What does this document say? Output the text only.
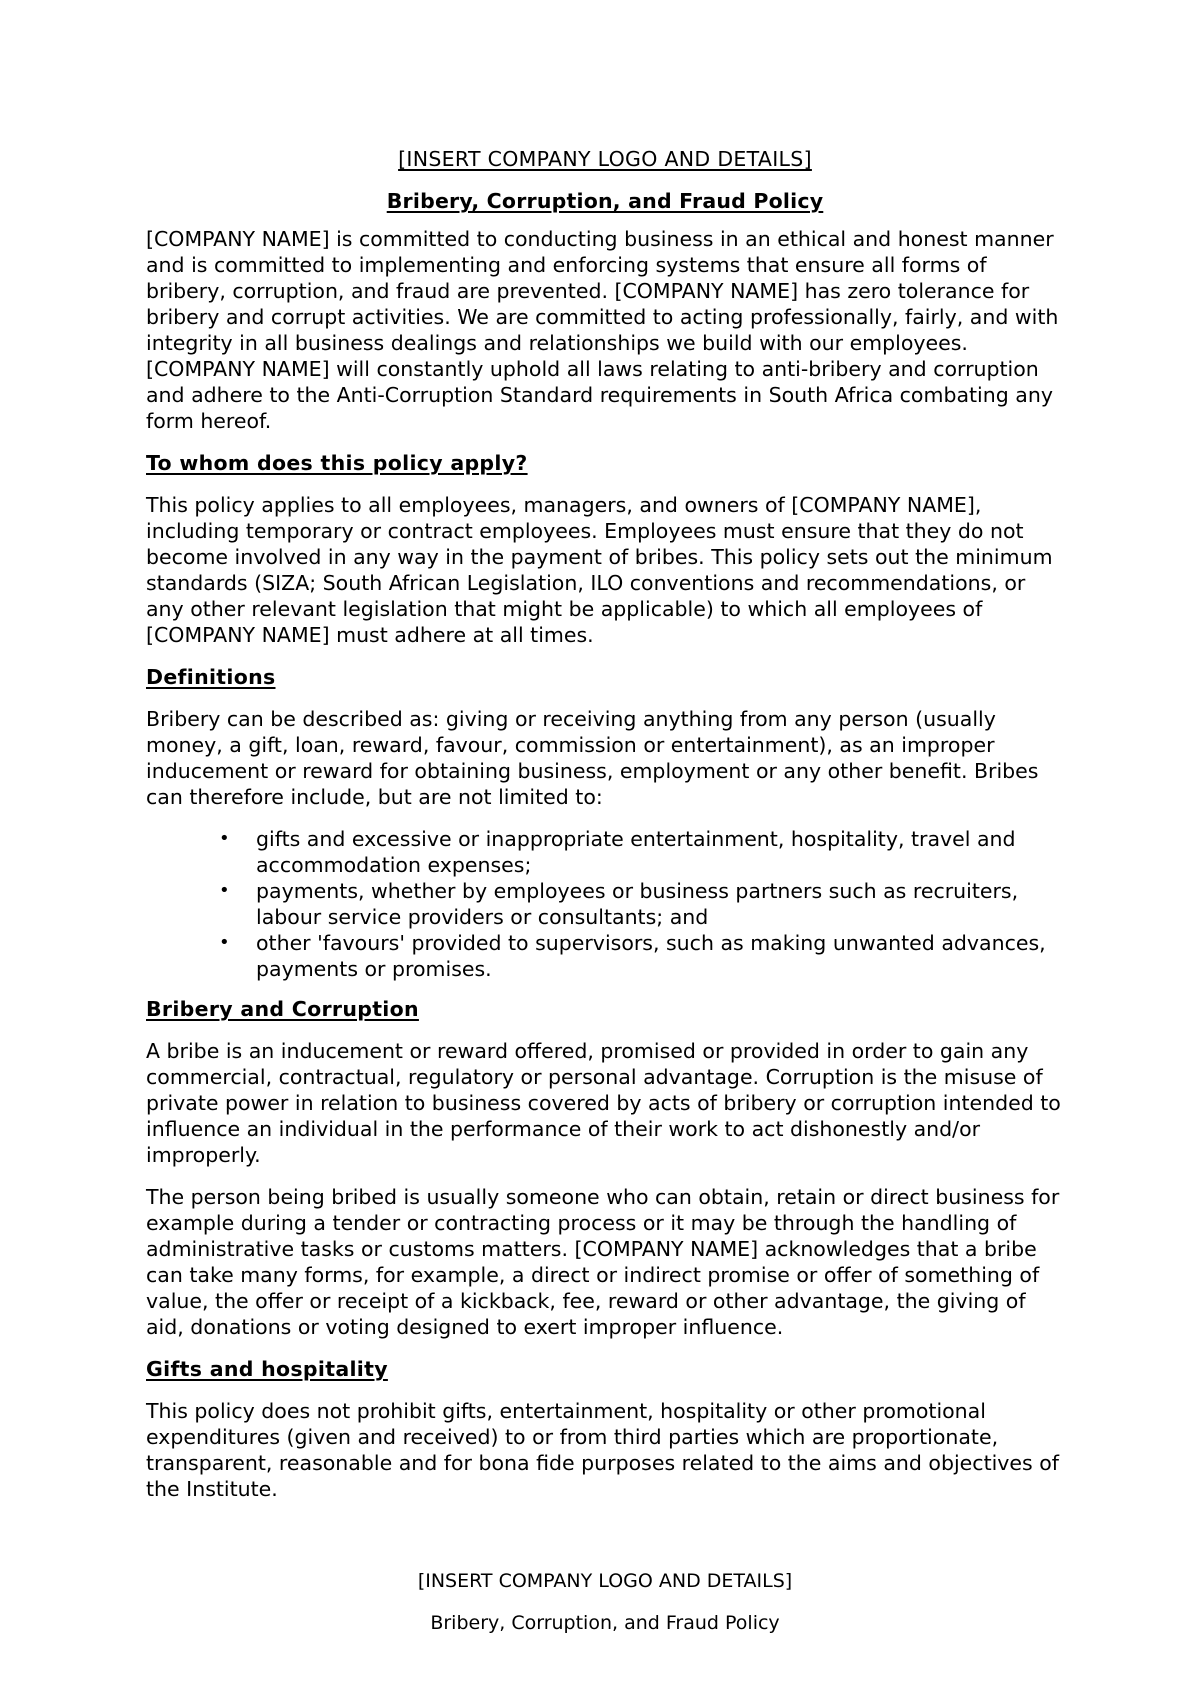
[INSERT COMPANY LOGO AND DETAILS]
Bribery, Corruption, and Fraud Policy

[COMPANY NAME] is committed to conducting business in an ethical and honest manner and is committed to implementing and enforcing systems that ensure all forms of bribery, corruption, and fraud are prevented. [COMPANY NAME] has zero tolerance for bribery and corrupt activities. We are committed to acting professionally, fairly, and with integrity in all business dealings and relationships we build with our employees. [COMPANY NAME] will constantly uphold all laws relating to anti-bribery and corruption and adhere to the Anti-Corruption Standard requirements in South Africa combating any form hereof.

To whom does this policy apply?

This policy applies to all employees, managers, and owners of [COMPANY NAME], including temporary or contract employees. Employees must ensure that they do not become involved in any way in the payment of bribes. This policy sets out the minimum standards (SIZA; South African Legislation, ILO conventions and recommendations, or any other relevant legislation that might be applicable) to which all employees of [COMPANY NAME] must adhere at all times.

Definitions

Bribery can be described as: giving or receiving anything from any person (usually money, a gift, loan, reward, favour, commission or entertainment), as an improper inducement or reward for obtaining business, employment or any other benefit. Bribes can therefore include, but are not limited to:

• gifts and excessive or inappropriate entertainment, hospitality, travel and accommodation expenses;
• payments, whether by employees or business partners such as recruiters, labour service providers or consultants; and
• other 'favours' provided to supervisors, such as making unwanted advances, payments or promises.
Bribery and Corruption

A bribe is an inducement or reward offered, promised or provided in order to gain any commercial, contractual, regulatory or personal advantage. Corruption is the misuse of private power in relation to business covered by acts of bribery or corruption intended to influence an individual in the performance of their work to act dishonestly and/or improperly.

The person being bribed is usually someone who can obtain, retain or direct business for example during a tender or contracting process or it may be through the handling of administrative tasks or customs matters. [COMPANY NAME] acknowledges that a bribe can take many forms, for example, a direct or indirect promise or offer of something of value, the offer or receipt of a kickback, fee, reward or other advantage, the giving of aid, donations or voting designed to exert improper influence.

Gifts and hospitality

This policy does not prohibit gifts, entertainment, hospitality or other promotional expenditures (given and received) to or from third parties which are proportionate, transparent, reasonable and for bona fide purposes related to the aims and objectives of the Institute.

[INSERT COMPANY LOGO AND DETAILS]
Bribery, Corruption, and Fraud Policy
